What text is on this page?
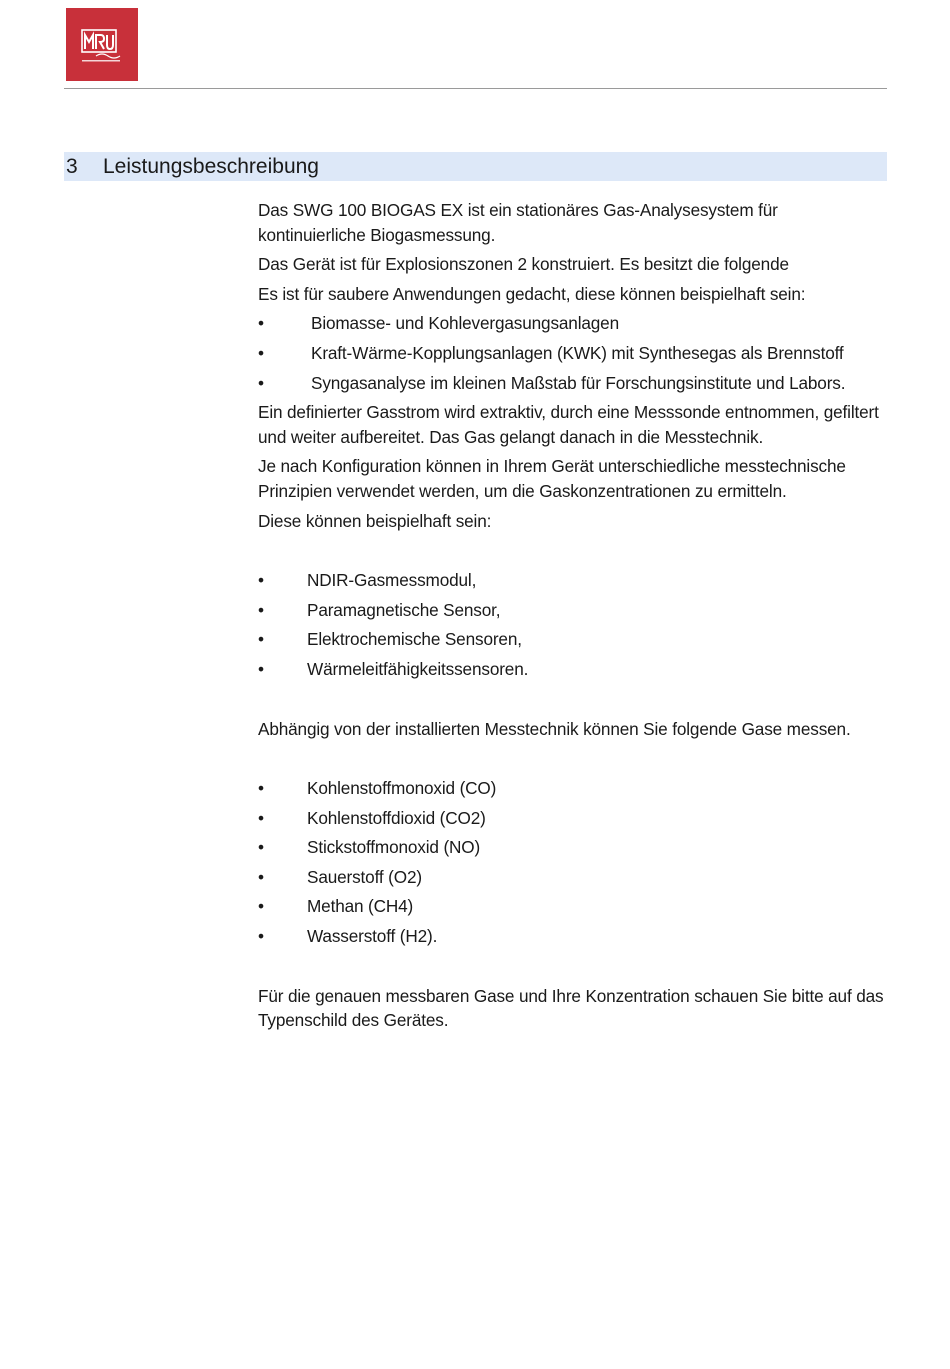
3 Leistungsbeschreibung

Das SWG 100 BIOGAS EX ist ein stationäres Gas-Analysesystem für kontinuierliche Biogasmessung.

Das Gerät ist für Explosionszonen 2 konstruiert. Es besitzt die folgende

Es ist für saubere Anwendungen gedacht, diese können beispielhaft sein:

•	Biomasse- und Kohlevergasungsanlagen
•	Kraft-Wärme-Kopplungsanlagen (KWK) mit Synthesegas als Brennstoff
•	Syngasanalyse im kleinen Maßstab für Forschungsinstitute und Labors.

Ein definierter Gasstrom wird extraktiv, durch eine Messsonde entnommen, gefiltert und weiter aufbereitet. Das Gas gelangt danach in die Messtechnik.

Je nach Konfiguration können in Ihrem Gerät unterschiedliche messtechnische Prinzipien verwendet werden, um die Gaskonzentrationen zu ermitteln.

Diese können beispielhaft sein:

•	NDIR-Gasmessmodul,
•	Paramagnetische Sensor,
•	Elektrochemische Sensoren,
•	Wärmeleitfähigkeitssensoren.

Abhängig von der installierten Messtechnik können Sie folgende Gase messen.

•	Kohlenstoffmonoxid (CO)
•	Kohlenstoffdioxid (CO2)
•	Stickstoffmonoxid (NO)
•	Sauerstoff (O2)
•	Methan (CH4)
•	Wasserstoff (H2).

Für die genauen messbaren Gase und Ihre Konzentration schauen Sie bitte auf das Typenschild des Gerätes.
